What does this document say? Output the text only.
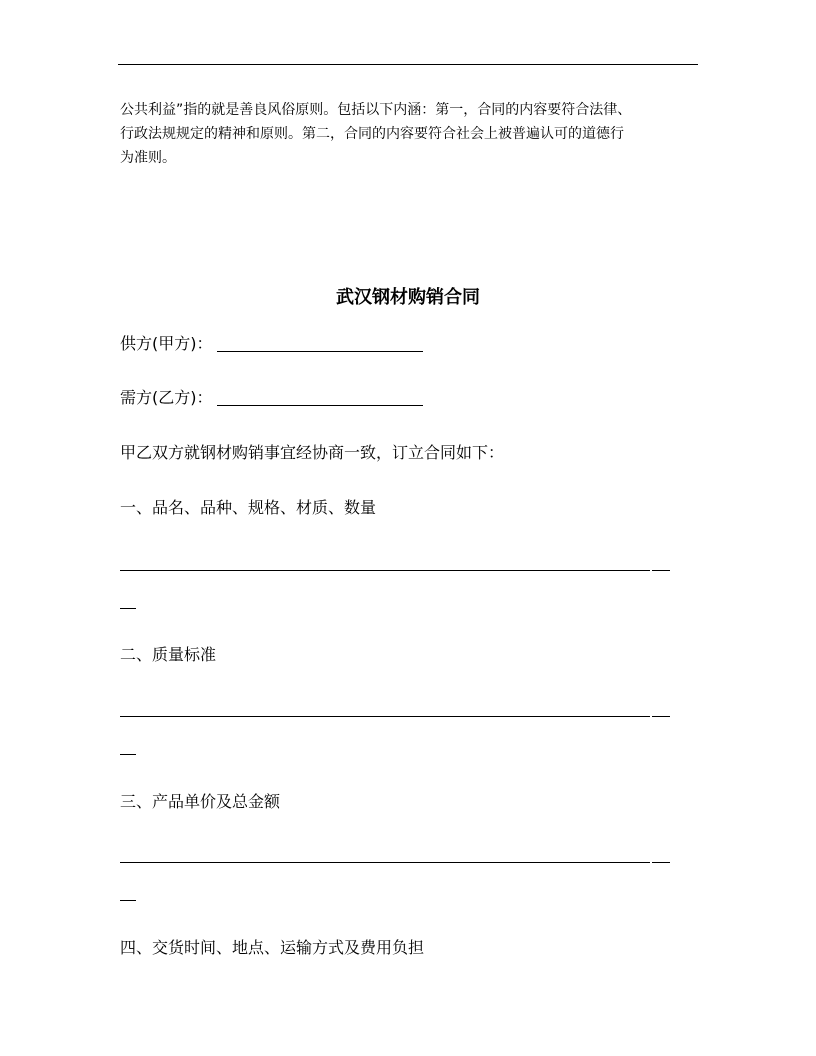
公共利益”指的就是善良风俗原则。包括以下内涵：第一，合同的内容要符合法律、
行政法规规定的精神和原则。第二，合同的内容要符合社会上被普遍认可的道德行
为准则。
武汉钢材购销合同
供方(甲方)：
需方(乙方)：
甲乙双方就钢材购销事宜经协商一致，订立合同如下：
一、品名、品种、规格、材质、数量
二、质量标准
三、产品单价及总金额
四、交货时间、地点、运输方式及费用负担
